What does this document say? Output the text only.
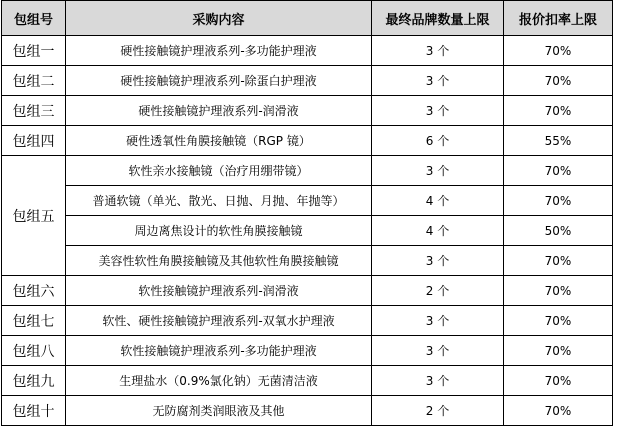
包组号	采购内容	最终品牌数量上限	报价扣率上限
包组一	硬性接触镜护理液系列-多功能护理液	3 个	70%
包组二	硬性接触镜护理液系列-除蛋白护理液	3 个	70%
包组三	硬性接触镜护理液系列-润滑液	3 个	70%
包组四	硬性透氧性角膜接触镜（RGP 镜）	6 个	55%
包组五	软性亲水接触镜（治疗用绷带镜）	3 个	70%
	普通软镜（单光、散光、日抛、月抛、年抛等）	4 个	70%
	周边离焦设计的软性角膜接触镜	4 个	50%
	美容性软性角膜接触镜及其他软性角膜接触镜	3 个	70%
包组六	软性接触镜护理液系列-润滑液	2 个	70%
包组七	软性、硬性接触镜护理液系列-双氧水护理液	3 个	70%
包组八	软性接触镜护理液系列-多功能护理液	3 个	70%
包组九	生理盐水（0.9%氯化钠）无菌清洁液	3 个	70%
包组十	无防腐剂类润眼液及其他	2 个	70%
